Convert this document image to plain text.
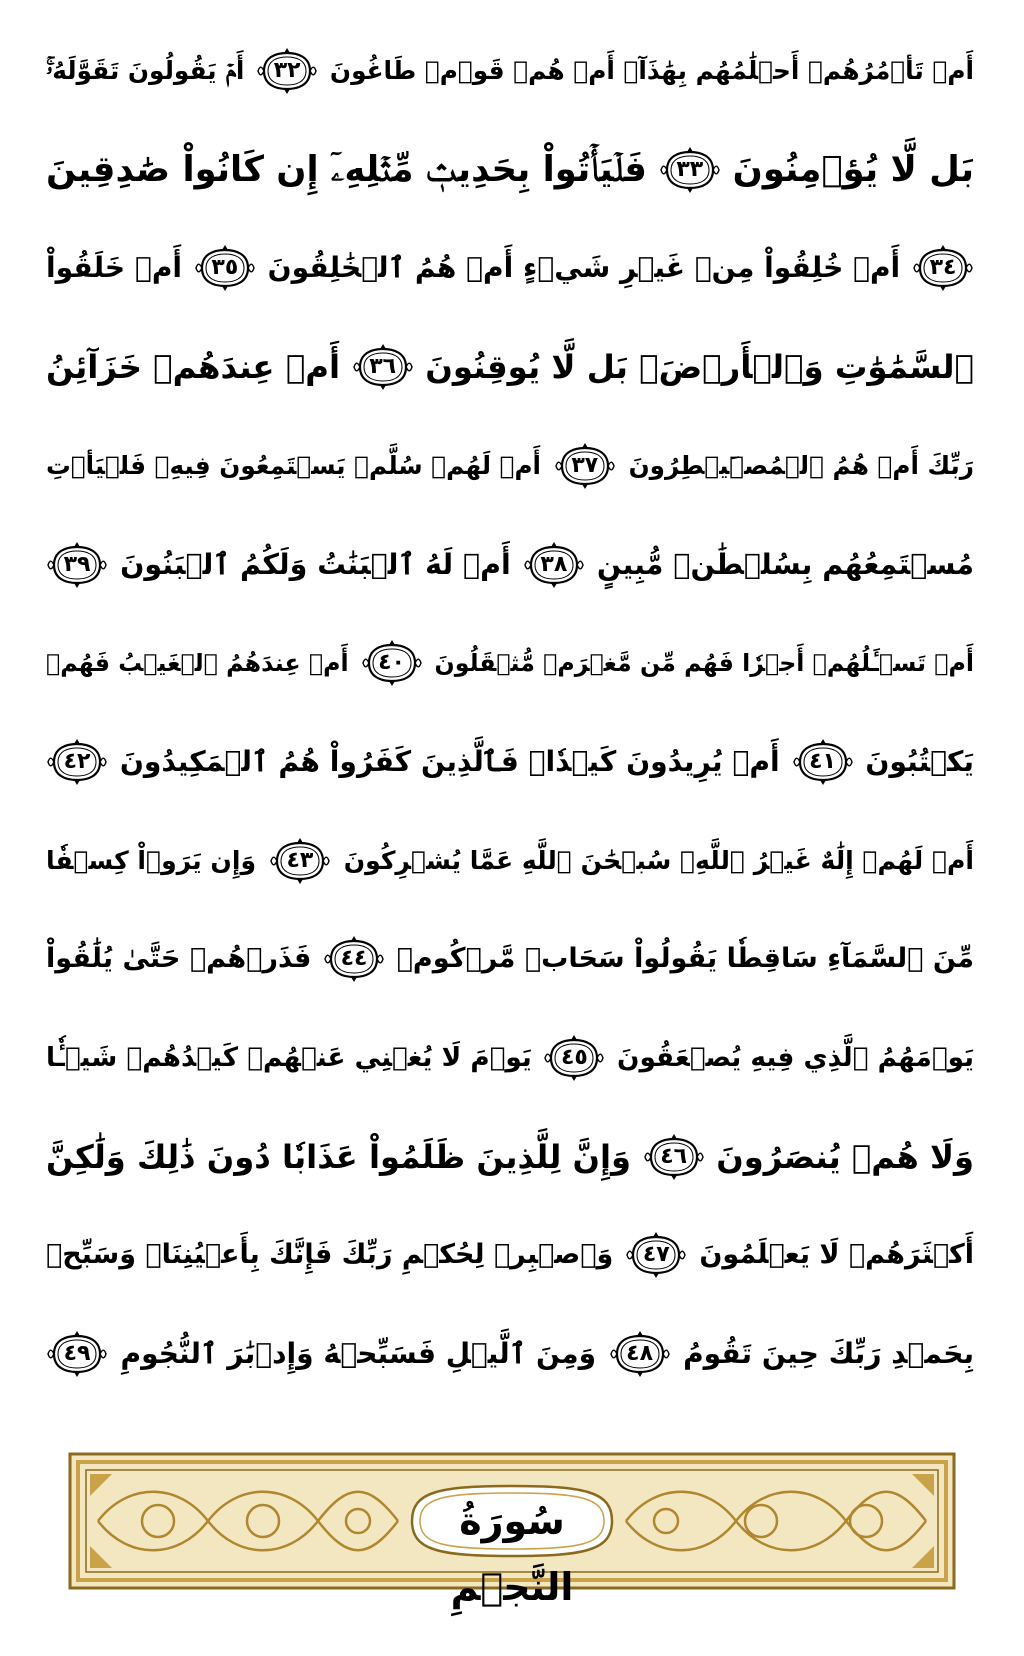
أَمۡ تَأۡمُرُهُمۡ أَحۡلَٰمُهُم بِهَٰذَآۚ أَمۡ هُمۡ قَوۡمٞ طَاغُونَ
٣٢
أَمۡ يَقُولُونَ تَقَوَّلَهُۥۚ
بَل لَّا يُؤۡمِنُونَ
٣٣
فَلۡيَأۡتُواْ بِحَدِيثٖ مِّثۡلِهِۦٓ إِن كَانُواْ صَٰدِقِينَ
٣٤
أَمۡ خُلِقُواْ مِنۡ غَيۡرِ شَيۡءٍ أَمۡ هُمُ ٱلۡخَٰلِقُونَ
٣٥
أَمۡ خَلَقُواْ
ٱلسَّمَٰوَٰتِ وَٱلۡأَرۡضَۚ بَل لَّا يُوقِنُونَ
٣٦
أَمۡ عِندَهُمۡ خَزَآئِنُ
رَبِّكَ أَمۡ هُمُ ٱلۡمُصَۜيۡطِرُونَ
٣٧
أَمۡ لَهُمۡ سُلَّمٞ يَسۡتَمِعُونَ فِيهِۖ فَلۡيَأۡتِ
مُسۡتَمِعُهُم بِسُلۡطَٰنٖ مُّبِينٍ
٣٨
أَمۡ لَهُ ٱلۡبَنَٰتُ وَلَكُمُ ٱلۡبَنُونَ
٣٩
أَمۡ تَسۡـَٔلُهُمۡ أَجۡرٗا فَهُم مِّن مَّغۡرَمٖ مُّثۡقَلُونَ
٤٠
أَمۡ عِندَهُمُ ٱلۡغَيۡبُ فَهُمۡ
يَكۡتُبُونَ
٤١
أَمۡ يُرِيدُونَ كَيۡدٗاۖ فَٱلَّذِينَ كَفَرُواْ هُمُ ٱلۡمَكِيدُونَ
٤٢
أَمۡ لَهُمۡ إِلَٰهٌ غَيۡرُ ٱللَّهِۚ سُبۡحَٰنَ ٱللَّهِ عَمَّا يُشۡرِكُونَ
٤٣
وَإِن يَرَوۡاْ كِسۡفٗا
مِّنَ ٱلسَّمَآءِ سَاقِطٗا يَقُولُواْ سَحَابٞ مَّرۡكُومٞ
٤٤
فَذَرۡهُمۡ حَتَّىٰ يُلَٰقُواْ
يَوۡمَهُمُ ٱلَّذِي فِيهِ يُصۡعَقُونَ
٤٥
يَوۡمَ لَا يُغۡنِي عَنۡهُمۡ كَيۡدُهُمۡ شَيۡـٔٗا
وَلَا هُمۡ يُنصَرُونَ
٤٦
وَإِنَّ لِلَّذِينَ ظَلَمُواْ عَذَابٗا دُونَ ذَٰلِكَ وَلَٰكِنَّ
أَكۡثَرَهُمۡ لَا يَعۡلَمُونَ
٤٧
وَٱصۡبِرۡ لِحُكۡمِ رَبِّكَ فَإِنَّكَ بِأَعۡيُنِنَاۖ وَسَبِّحۡ
بِحَمۡدِ رَبِّكَ حِينَ تَقُومُ
٤٨
وَمِنَ ٱلَّيۡلِ فَسَبِّحۡهُ وَإِدۡبَٰرَ ٱلنُّجُومِ
٤٩
سُورَةُ النَّجۡمِ
